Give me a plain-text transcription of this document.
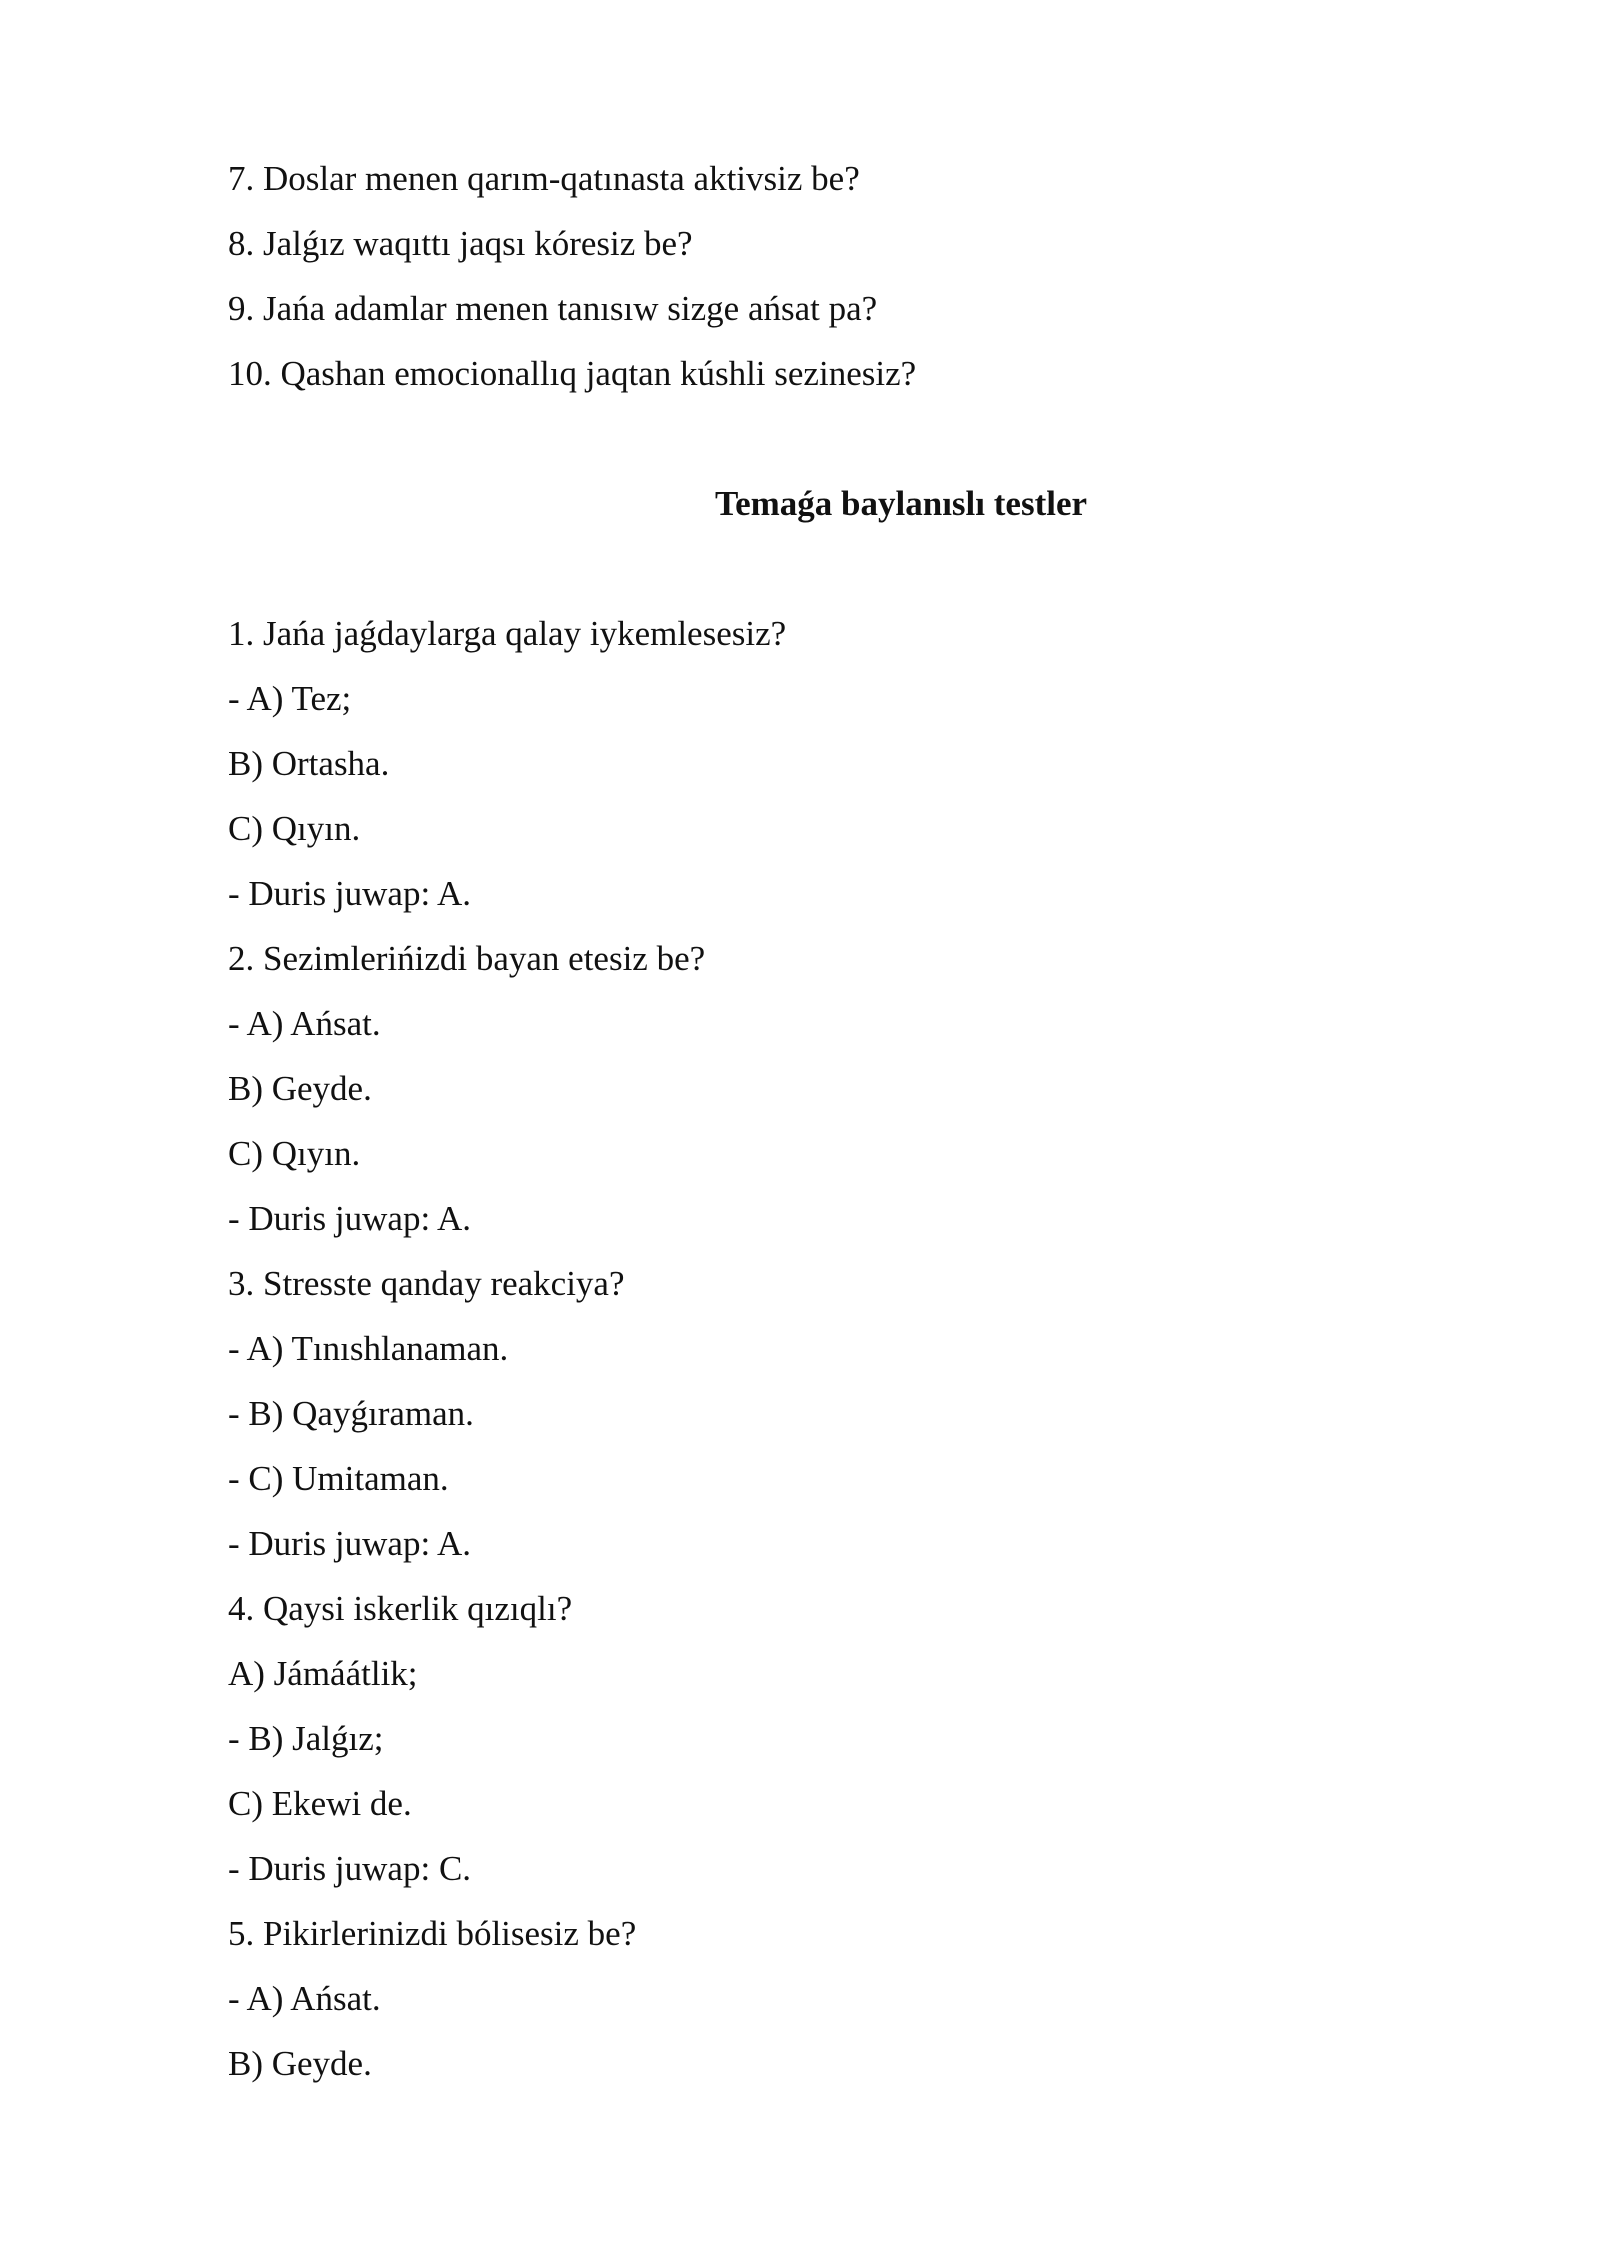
7. Doslar menen qarım-qatınasta aktivsiz be?
8. Jalǵız waqıttı jaqsı kóresiz be?
9. Jańa adamlar menen tanısıw sizge ańsat pa?
10. Qashan emocionallıq jaqtan kúshli sezinesiz?
Temaǵa baylanıslı testler
1. Jańa jaǵdaylarga qalay iykemlesesiz?
- A) Tez;
B) Ortasha.
C) Qıyın.
- Duris juwap: A.
2. Sezimlerińizdi bayan etesiz be?
- A) Ańsat.
B) Geyde.
C) Qıyın.
- Duris juwap: A.
3. Stresste qanday reakciya?
- A) Tınıshlanaman.
- B) Qayǵıraman.
- C) Umitaman.
- Duris juwap: A.
4. Qaysi iskerlik qızıqlı?
A) Jámáátlik;
- B) Jalǵız;
C) Ekewi de.
- Duris juwap: C.
5. Pikirlerinizdi bólisesiz be?
- A) Ańsat.
B) Geyde.
